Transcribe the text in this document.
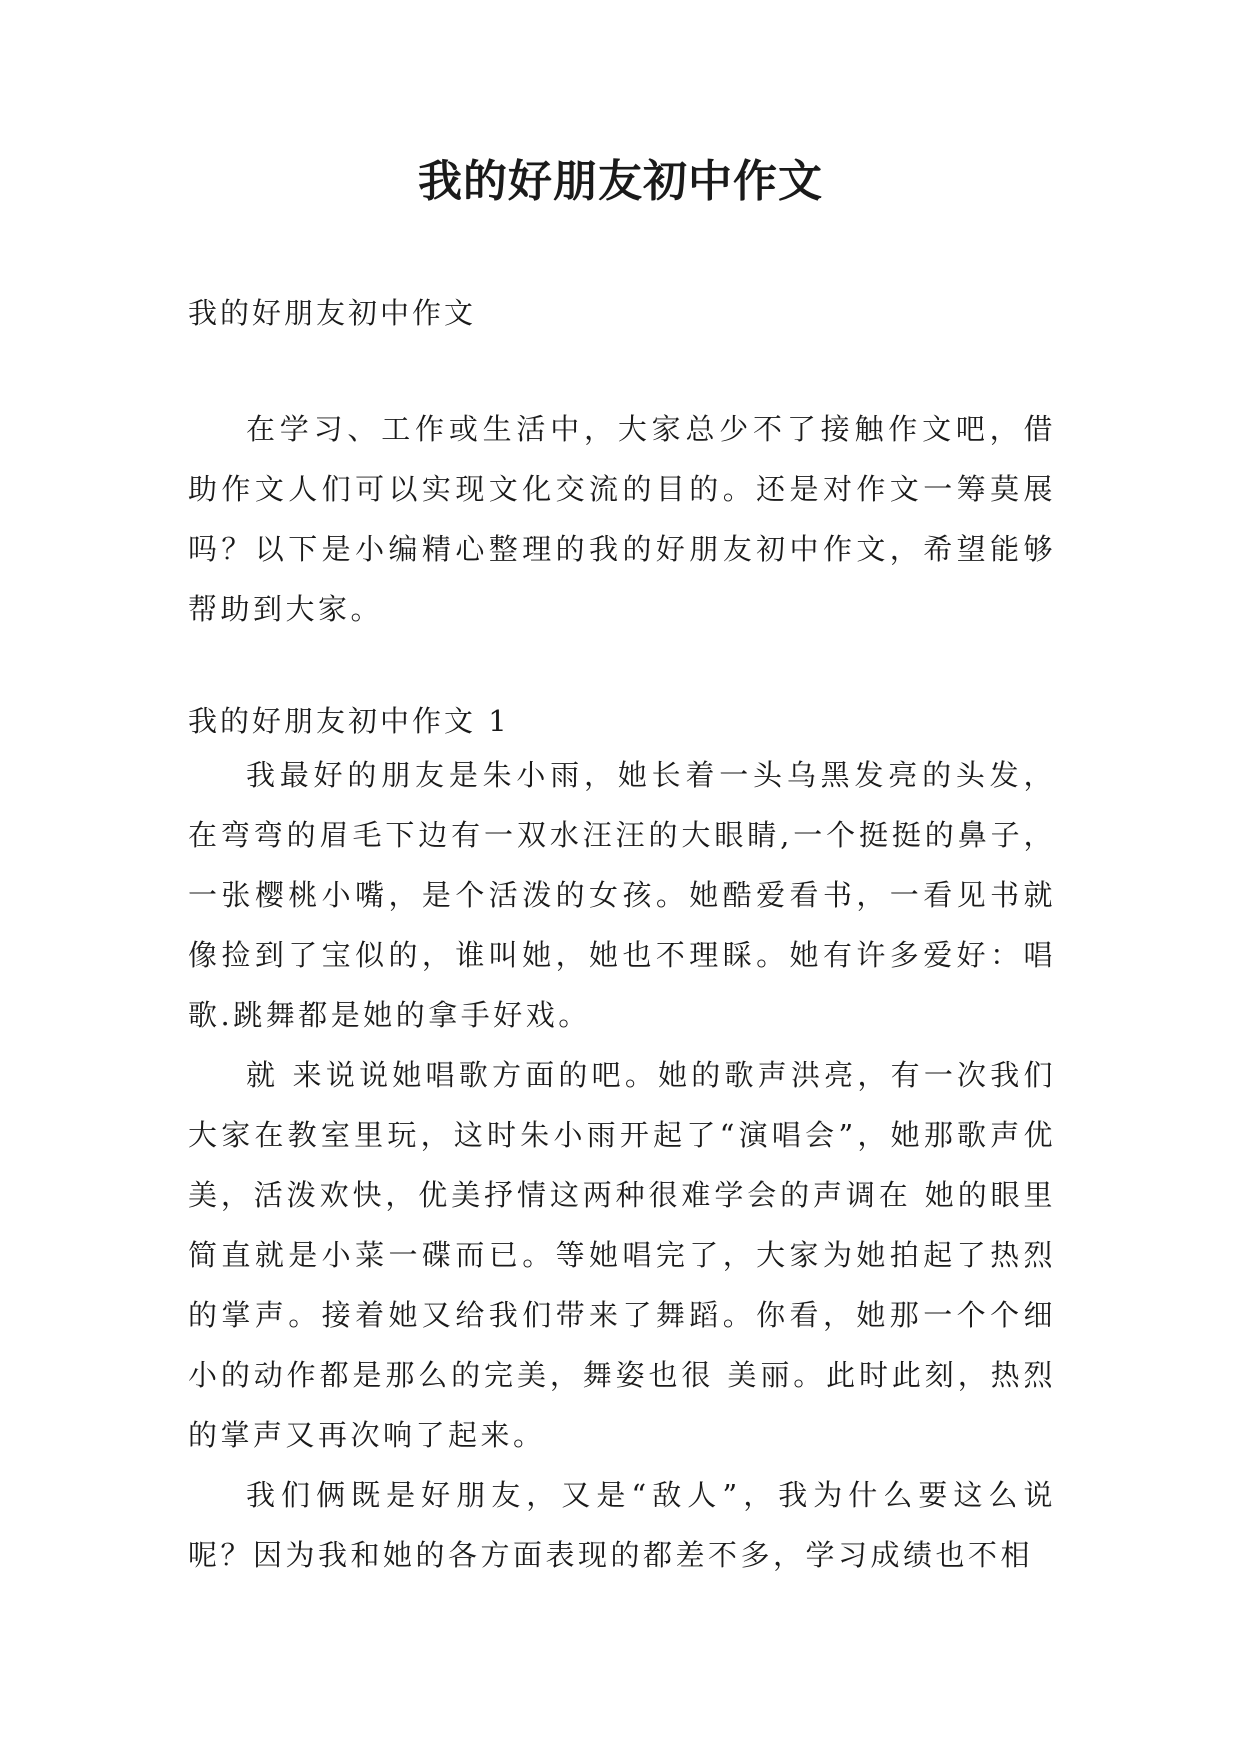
我的好朋友初中作文
我的好朋友初中作文

在学习、工作或生活中，大家总少不了接触作文吧，借助作文人们可以实现文化交流的目的。还是对作文一筹莫展吗？以下是小编精心整理的我的好朋友初中作文，希望能够帮助到大家。

我的好朋友初中作文 1

我最好的朋友是朱小雨，她长着一头乌黑发亮的头发，在弯弯的眉毛下边有一双水汪汪的大眼睛,一个挺挺的鼻子，一张樱桃小嘴，是个活泼的女孩。她酷爱看书，一看见书就像捡到了宝似的，谁叫她，她也不理睬。她有许多爱好：唱歌.跳舞都是她的拿手好戏。

就 来说说她唱歌方面的吧。她的歌声洪亮，有一次我们大家在教室里玩，这时朱小雨开起了“演唱会”，她那歌声优美，活泼欢快，优美抒情这两种很难学会的声调在 她的眼里简直就是小菜一碟而已。等她唱完了，大家为她拍起了热烈的掌声。接着她又给我们带来了舞蹈。你看，她那一个个细小的动作都是那么的完美，舞姿也很 美丽。此时此刻，热烈的掌声又再次响了起来。

我们俩既是好朋友，又是“敌人”，我为什么要这么说呢？因为我和她的各方面表现的都差不多，学习成绩也不相
